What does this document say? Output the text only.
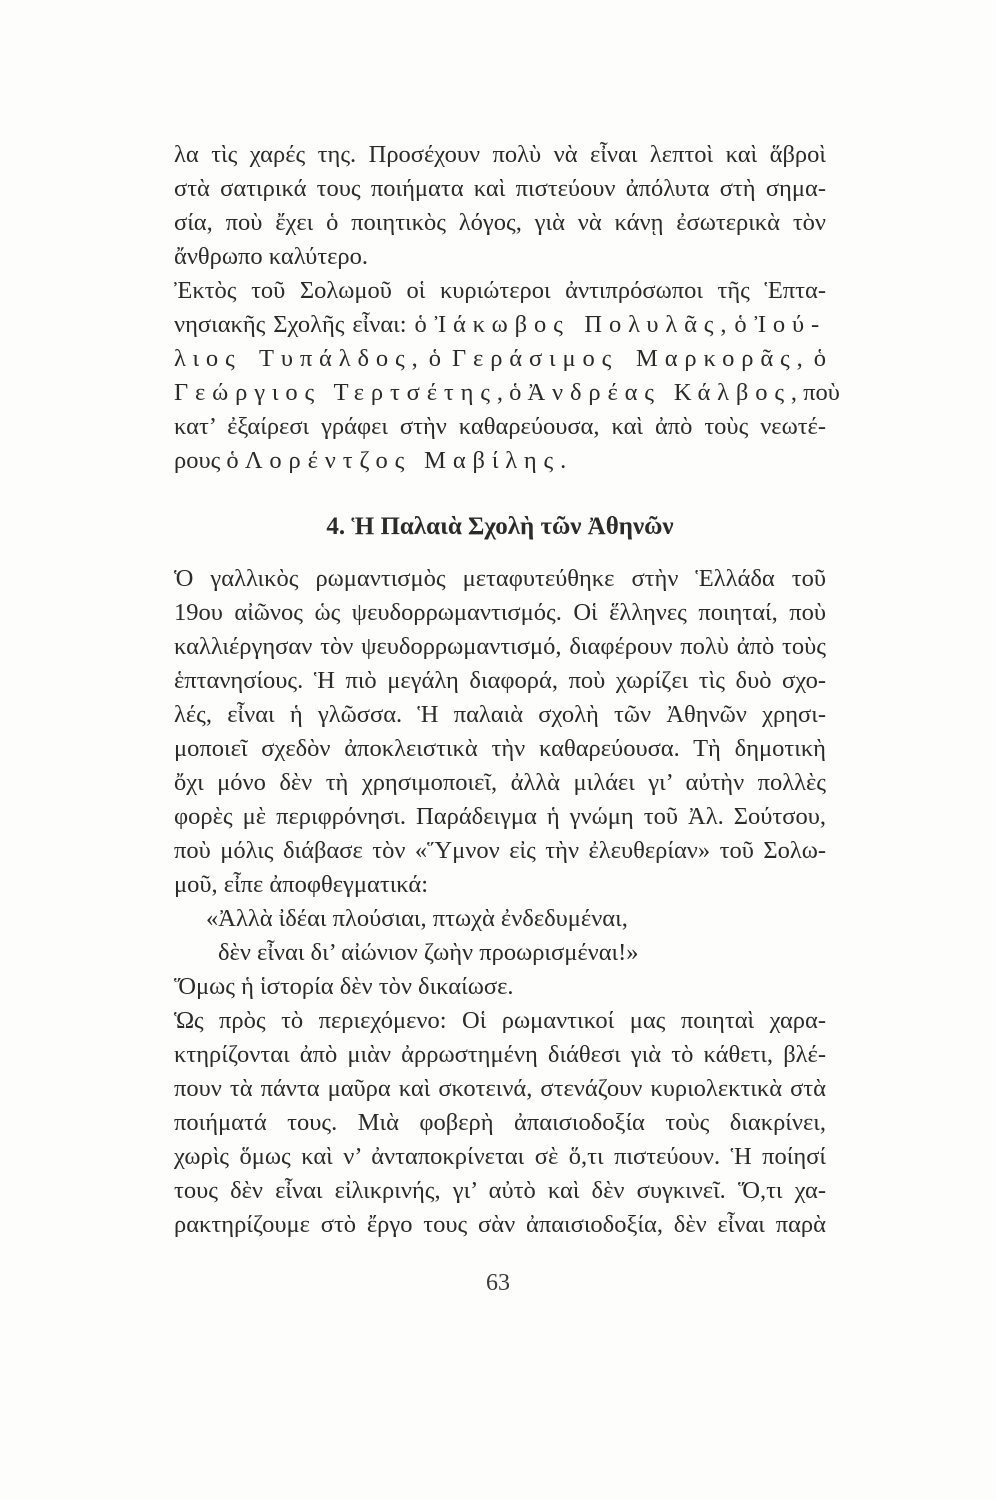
λα τὶς χαρές της. Προσέχουν πολὺ νὰ εἶναι λεπτοὶ καὶ ἅβροὶ
στὰ σατιρικά τους ποιήματα καὶ πιστεύουν ἀπόλυτα στὴ σημα-
σία, ποὺ ἔχει ὁ ποιητικὸς λόγος, γιὰ νὰ κάνῃ ἐσωτερικὰ τὸν
ἄνθρωπο καλύτερο.
Ἐκτὸς τοῦ Σολωμοῦ οἱ κυριώτεροι ἀντιπρόσωποι τῆς Ἑπτα-
νησιακῆς Σχολῆς εἶναι: ὁ Ἰάκωβος Πολυλᾶς, ὁ Ἰού-
λιος Τυπάλδος, ὁ Γεράσιμος Μαρκορᾶς, ὁ
Γεώργιος Τερτσέτης, ὁ Ἀνδρέας Κάλβος, ποὺ
κατ’ ἐξαίρεσι γράφει στὴν καθαρεύουσα, καὶ ἀπὸ τοὺς νεωτέ-
ρους ὁ Λορέντζος Μαβίλης.
4. Ἡ Παλαιὰ Σχολὴ τῶν Ἀθηνῶν
Ὁ γαλλικὸς ρωμαντισμὸς μεταφυτεύθηκε στὴν Ἑλλάδα τοῦ
19ου αἰῶνος ὡς ψευδορρωμαντισμός. Οἱ ἕλληνες ποιηταί, ποὺ
καλλιέργησαν τὸν ψευδορρωμαντισμό, διαφέρουν πολὺ ἀπὸ τοὺς
ἑπτανησίους. Ἡ πιὸ μεγάλη διαφορά, ποὺ χωρίζει τὶς δυὸ σχο-
λές, εἶναι ἡ γλῶσσα. Ἡ παλαιὰ σχολὴ τῶν Ἀθηνῶν χρησι-
μοποιεῖ σχεδὸν ἀποκλειστικὰ τὴν καθαρεύουσα. Τὴ δημοτικὴ
ὄχι μόνο δὲν τὴ χρησιμοποιεῖ, ἀλλὰ μιλάει γι’ αὐτὴν πολλὲς
φορὲς μὲ περιφρόνησι. Παράδειγμα ἡ γνώμη τοῦ Ἀλ. Σούτσου,
ποὺ μόλις διάβασε τὸν «Ὕμνον εἰς τὴν ἐλευθερίαν» τοῦ Σολω-
μοῦ, εἶπε ἀποφθεγματικά:
«Ἀλλὰ ἰδέαι πλούσιαι, πτωχὰ ἐνδεδυμέναι,
δὲν εἶναι δι’ αἰώνιον ζωὴν προωρισμέναι!»
Ὅμως ἡ ἱστορία δὲν τὸν δικαίωσε.
Ὡς πρὸς τὸ περιεχόμενο: Οἱ ρωμαντικοί μας ποιηταὶ χαρα-
κτηρίζονται ἀπὸ μιὰν ἀρρωστημένη διάθεσι γιὰ τὸ κάθετι, βλέ-
πουν τὰ πάντα μαῦρα καὶ σκοτεινά, στενάζουν κυριολεκτικὰ στὰ
ποιήματά τους. Μιὰ φοβερὴ ἀπαισιοδοξία τοὺς διακρίνει,
χωρὶς ὅμως καὶ ν’ ἀνταποκρίνεται σὲ ὅ,τι πιστεύουν. Ἡ ποίησί
τους δὲν εἶναι εἰλικρινής, γι’ αὐτὸ καὶ δὲν συγκινεῖ. Ὅ,τι χα-
ρακτηρίζουμε στὸ ἔργο τους σὰν ἀπαισιοδοξία, δὲν εἶναι παρὰ
63
